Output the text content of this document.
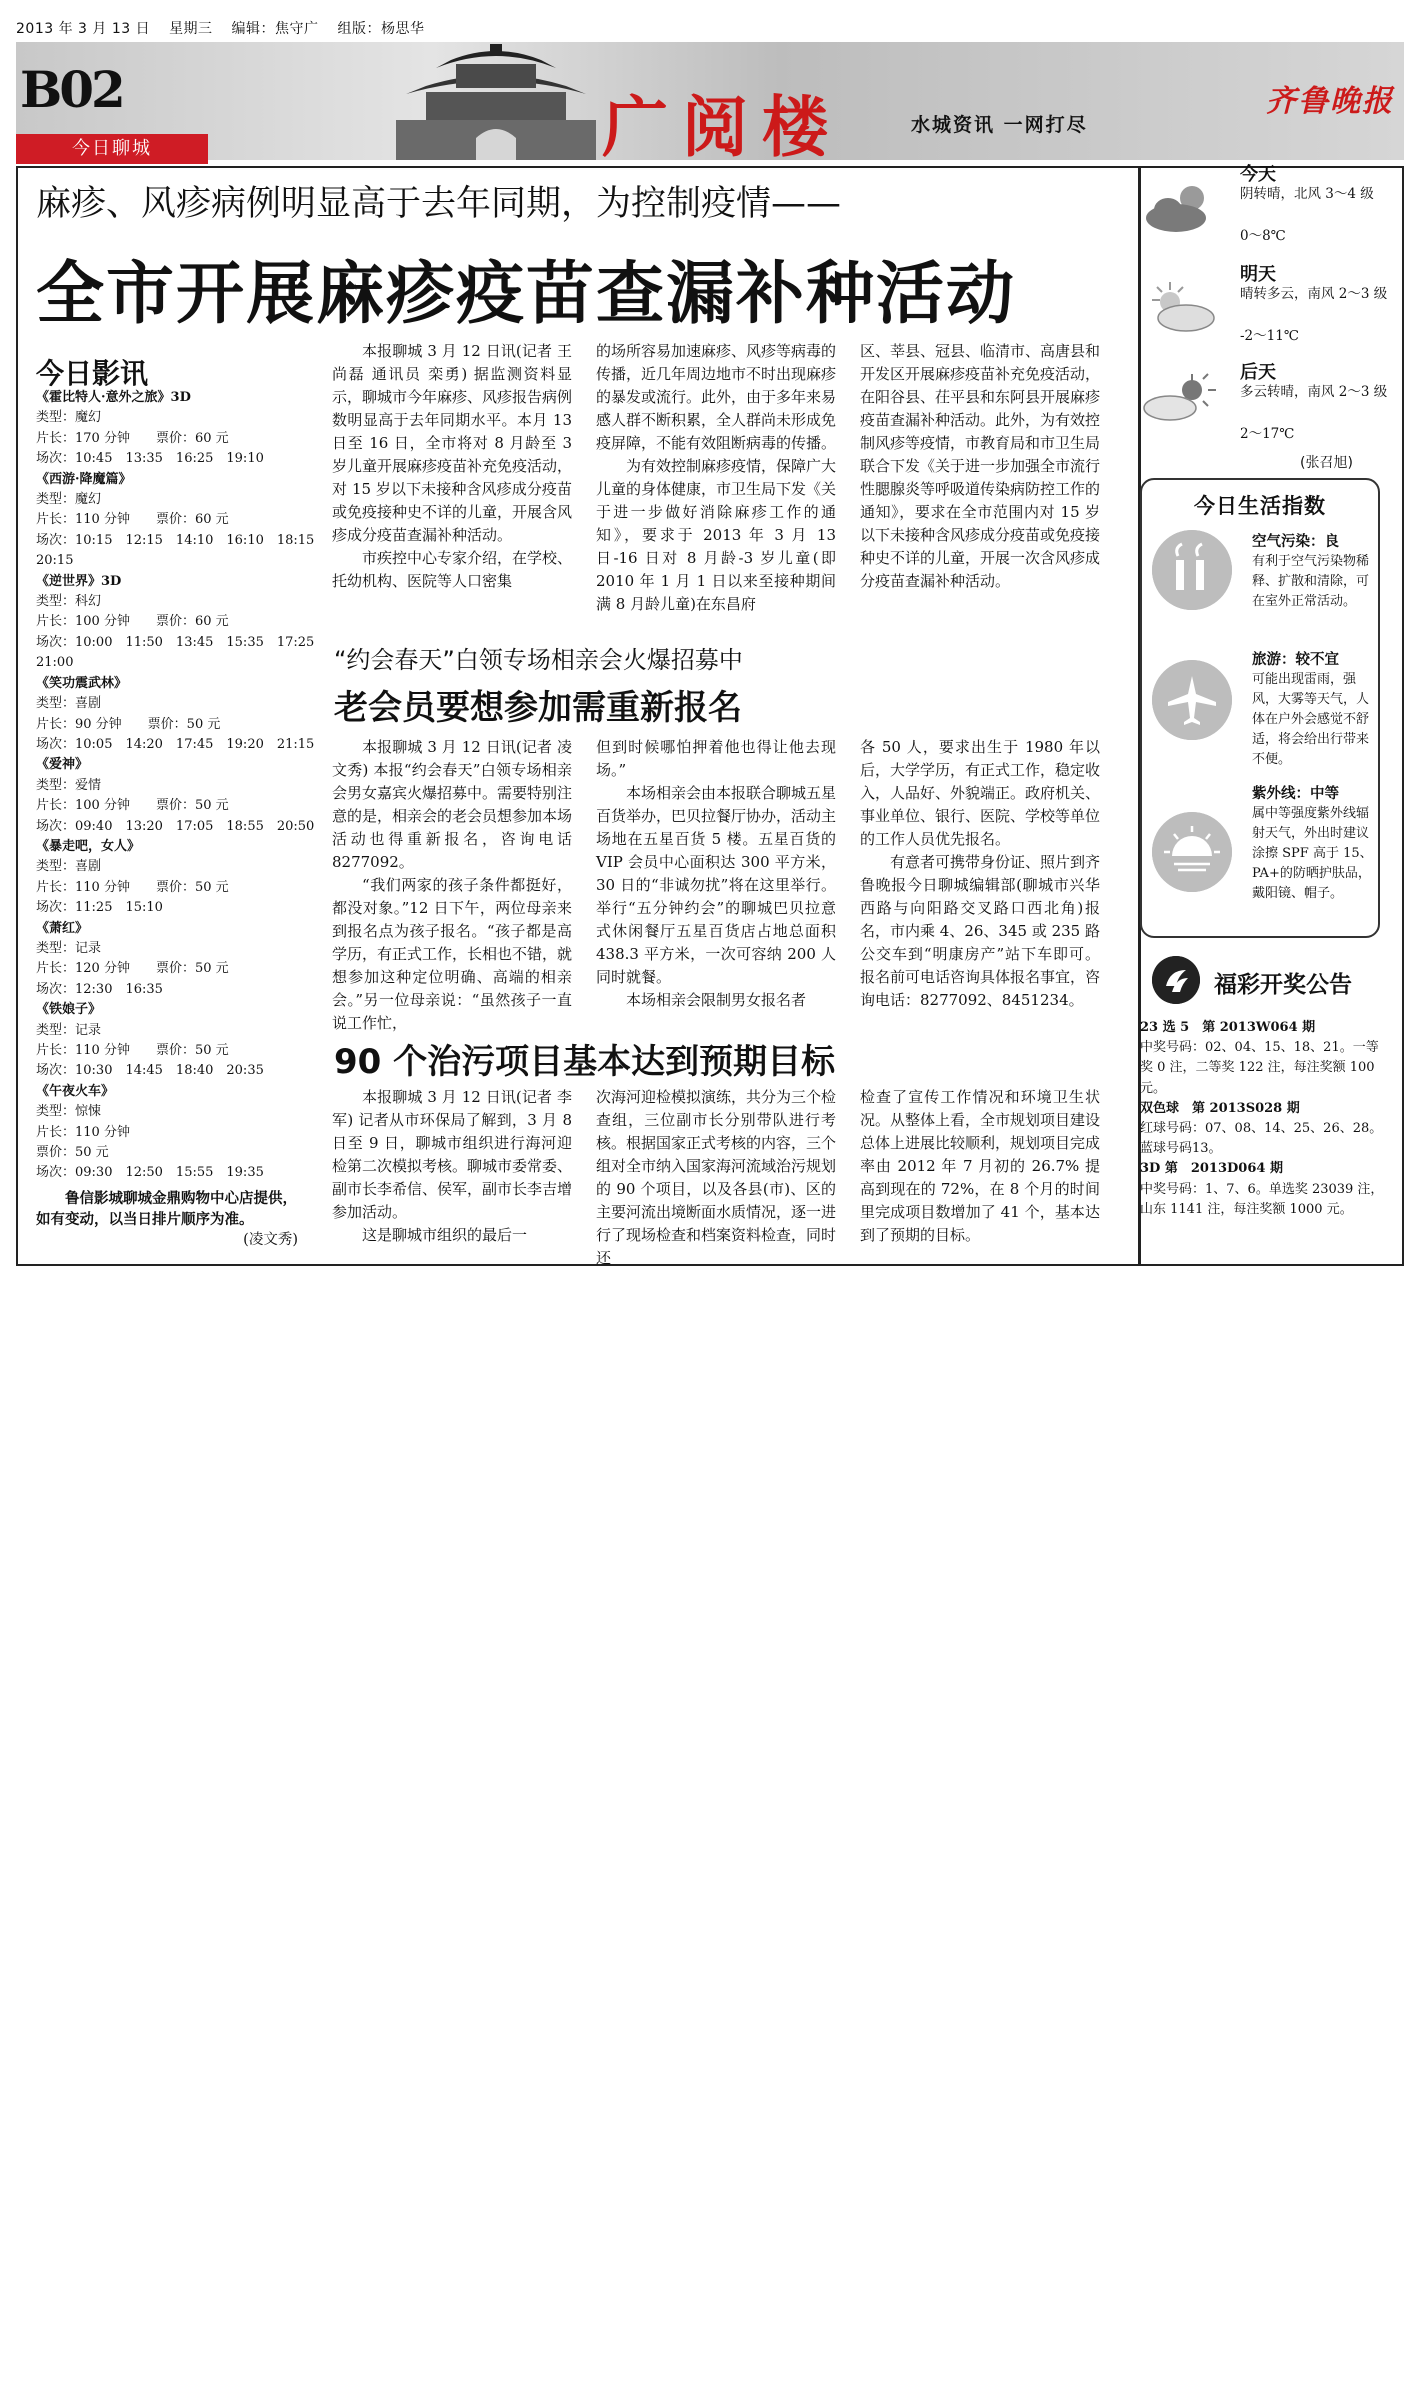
2013 年 3 月 13 日 星期三 编辑：焦守广 组版：杨思华
B02	广阅楼	水城资讯 一网打尽
齐鲁晚报
今日聊城
麻疹、风疹病例明显高于去年同期，为控制疫情——
全市开展麻疹疫苗查漏补种活动

本报聊城 3 月 12 日讯(记者 王尚磊 通讯员 栾勇) 据监测资料显示，聊城市今年麻疹、风疹报告病例数明显高于去年同期水平。本月 13 日至 16 日，全市将对 8 月龄至 3 岁儿童开展麻疹疫苗补充免疫活动，对 15 岁以下未接种含风疹成分疫苗或免疫接种史不详的儿童，开展含风疹成分疫苗查漏补种活动。

市疾控中心专家介绍，在学校、托幼机构、医院等人口密集

的场所容易加速麻疹、风疹等病毒的传播，近几年周边地市不时出现麻疹的暴发或流行。此外，由于多年来易感人群不断积累，全人群尚未形成免疫屏障，不能有效阻断病毒的传播。

为有效控制麻疹疫情，保障广大儿童的身体健康，市卫生局下发《关于进一步做好消除麻疹工作的通知》，要求于 2013 年 3 月 13 日-16 日对 8 月龄-3 岁儿童(即 2010 年 1 月 1 日以来至接种期间满 8 月龄儿童)在东昌府

区、莘县、冠县、临清市、高唐县和开发区开展麻疹疫苗补充免疫活动，在阳谷县、茌平县和东阿县开展麻疹疫苗查漏补种活动。此外，为有效控制风疹等疫情，市教育局和市卫生局联合下发《关于进一步加强全市流行性腮腺炎等呼吸道传染病防控工作的通知》，要求在全市范围内对 15 岁以下未接种含风疹成分疫苗或免疫接种史不详的儿童，开展一次含风疹成分疫苗查漏补种活动。

“约会春天”白领专场相亲会火爆招募中
老会员要想参加需重新报名

本报聊城 3 月 12 日讯(记者 凌文秀) 本报“约会春天”白领专场相亲会男女嘉宾火爆招募中。需要特别注意的是，相亲会的老会员想参加本场活动也得重新报名，咨询电话8277092。

“我们两家的孩子条件都挺好，都没对象。”12 日下午，两位母亲来到报名点为孩子报名。“孩子都是高学历，有正式工作，长相也不错，就想参加这种定位明确、高端的相亲会。”另一位母亲说：“虽然孩子一直说工作忙，

但到时候哪怕押着他也得让他去现场。”

本场相亲会由本报联合聊城五星百货举办，巴贝拉餐厅协办，活动主场地在五星百货 5 楼。五星百货的 VIP 会员中心面积达 300 平方米，30 日的“非诚勿扰”将在这里举行。举行“五分钟约会”的聊城巴贝拉意式休闲餐厅五星百货店占地总面积 438.3 平方米，一次可容纳 200 人同时就餐。

本场相亲会限制男女报名者

各 50 人，要求出生于 1980 年以后，大学学历，有正式工作，稳定收入，人品好、外貌端正。政府机关、事业单位、银行、医院、学校等单位的工作人员优先报名。

有意者可携带身份证、照片到齐鲁晚报今日聊城编辑部(聊城市兴华西路与向阳路交叉路口西北角)报名，市内乘 4、26、345 或 235 路公交车到“明康房产”站下车即可。报名前可电话咨询具体报名事宜，咨询电话：8277092、8451234。

90 个治污项目基本达到预期目标

本报聊城 3 月 12 日讯(记者 李军) 记者从市环保局了解到，3 月 8 日至 9 日，聊城市组织进行海河迎检第二次模拟考核。聊城市委常委、副市长李希信、侯军，副市长李吉增参加活动。

这是聊城市组织的最后一

次海河迎检模拟演练，共分为三个检查组，三位副市长分别带队进行考核。根据国家正式考核的内容，三个组对全市纳入国家海河流域治污规划的 90 个项目，以及各县(市)、区的主要河流出境断面水质情况，逐一进行了现场检查和档案资料检查，同时还

检查了宣传工作情况和环境卫生状况。从整体上看，全市规划项目建设总体上进展比较顺利，规划项目完成率由 2012 年 7 月初的 26.7% 提高到现在的 72%，在 8 个月的时间里完成项目数增加了 41 个，基本达到了预期的目标。

今日影讯
《霍比特人·意外之旅》3D
类型：魔幻
片长：170 分钟　　票价：60 元
场次：10:45　13:35　16:25　19:10
《西游·降魔篇》
类型：魔幻
片长：110 分钟　　票价：60 元
场次：10:15　12:15　14:10　16:10　18:15
20:15
《逆世界》3D
类型：科幻
片长：100 分钟　　票价：60 元
场次：10:00　11:50　13:45　15:35　17:25
21:00
《笑功震武林》
类型：喜剧
片长：90 分钟　　票价：50 元
场次：10:05　14:20　17:45　19:20　21:15
《爱神》
类型：爱情
片长：100 分钟　　票价：50 元
场次：09:40　13:20　17:05　18:55　20:50
《暴走吧，女人》
类型：喜剧
片长：110 分钟　　票价：50 元
场次：11:25　15:10
《萧红》
类型：记录
片长：120 分钟　　票价：50 元
场次：12:30　16:35
《铁娘子》
类型：记录
片长：110 分钟　　票价：50 元
场次：10:30　14:45　18:40　20:35
《午夜火车》
类型：惊悚
片长：110 分钟
票价：50 元
场次：09:30　12:50　15:55　19:35
鲁信影城聊城金鼎购物中心店提供，如有变动，以当日排片顺序为准。
(凌文秀)
今天
阴转晴，北风 3～4 级
0～8℃
明天
晴转多云，南风 2～3 级
-2～11℃
后天
多云转晴，南风 2～3 级
2～17℃
(张召旭)
今日生活指数
空气污染：良
有利于空气污染物稀释、扩散和清除，可在室外正常活动。
旅游：较不宜
可能出现雷雨，强风，大雾等天气，人体在户外会感觉不舒适，将会给出行带来不便。
紫外线：中等
属中等强度紫外线辐射天气，外出时建议涂擦 SPF 高于 15、PA+的防晒护肤品，戴阳镜、帽子。
福彩开奖公告
23 选 5　第 2013W064 期
中奖号码：02、04、15、18、21。一等奖 0 注，二等奖 122 注，每注奖额 100 元。
双色球　第 2013S028 期
红球号码：07、08、14、25、26、28。蓝球号码13。
3D 第　2013D064 期
中奖号码：1、7、6。单选奖 23039 注，山东 1141 注，每注奖额 1000 元。
